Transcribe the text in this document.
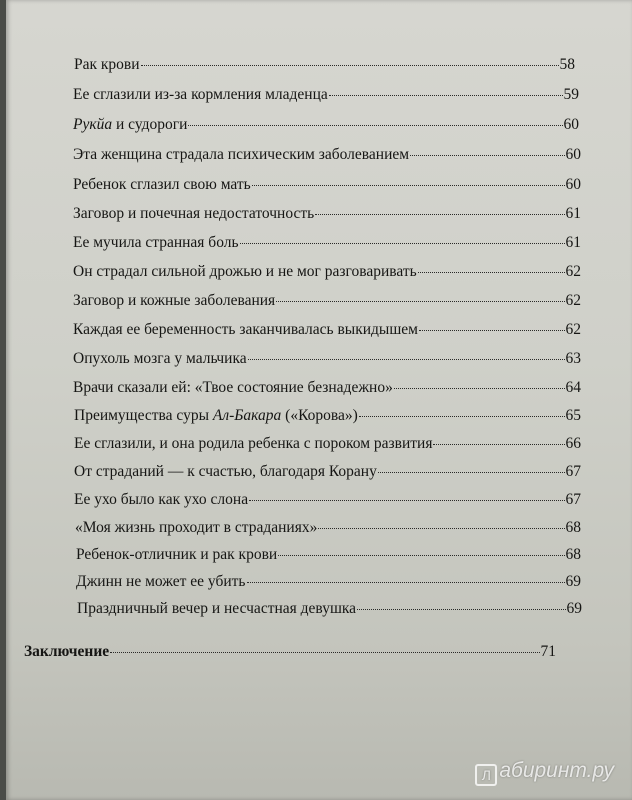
Рак крови	58
Ее сглазили из-за кормления младенца	59
Рукйа и судороги	60
Эта женщина страдала психическим заболеванием	60
Ребенок сглазил свою мать	60
Заговор и почечная недостаточность	61
Ее мучила странная боль	61
Он страдал сильной дрожью и не мог разговаривать	62
Заговор и кожные заболевания	62
Каждая ее беременность заканчивалась выкидышем	62
Опухоль мозга у мальчика	63
Врачи сказали ей: «Твое состояние безнадежно»	64
Преимущества суры Ал-Бакара («Корова»)	65
Ее сглазили, и она родила ребенка с пороком развития	66
От страданий — к счастью, благодаря Корану	67
Ее ухо было как ухо слона	67
«Моя жизнь проходит в страданиях»	68
Ребенок-отличник и рак крови	68
Джинн не может ее убить	69
Праздничный вечер и несчастная девушка	69
Заключение	71
Л абиринт.ру
